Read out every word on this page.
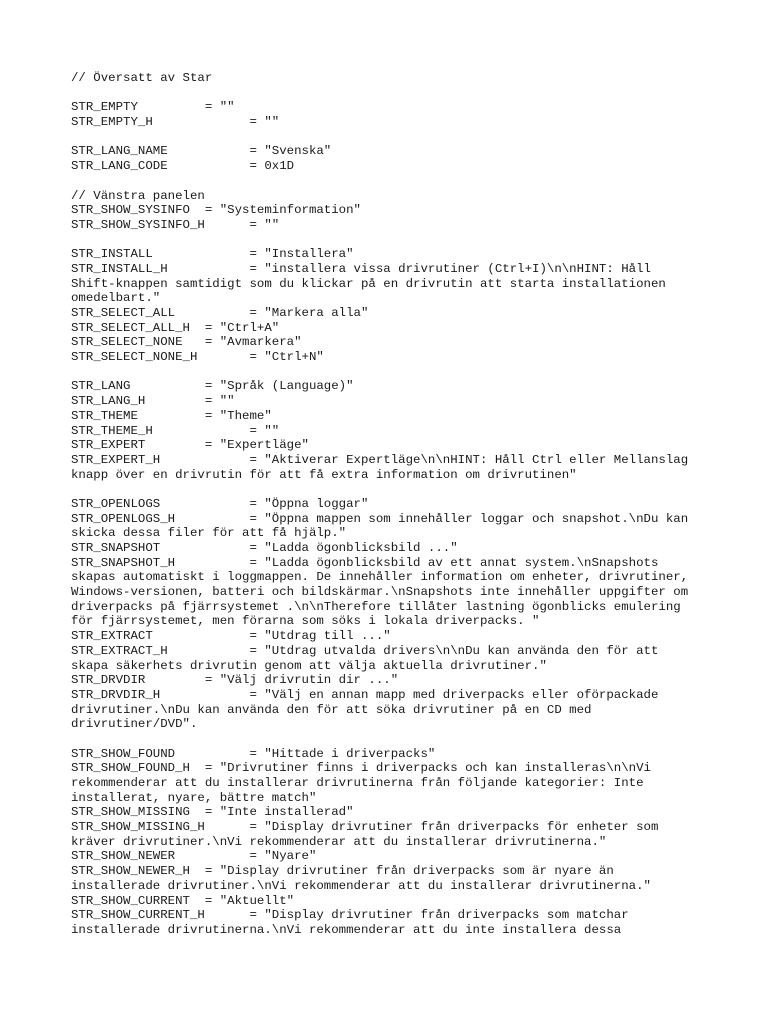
// Översatt av Star
STR_EMPTY         = ""
STR_EMPTY_H             = ""
STR_LANG_NAME           = "Svenska"
STR_LANG_CODE           = 0x1D
// Vänstra panelen
STR_SHOW_SYSINFO  = "Systeminformation"
STR_SHOW_SYSINFO_H      = ""
STR_INSTALL             = "Installera"
STR_INSTALL_H           = "installera vissa drivrutiner (Ctrl+I)\n\nHINT: Håll
Shift-knappen samtidigt som du klickar på en drivrutin att starta installationen
omedelbart."
STR_SELECT_ALL          = "Markera alla"
STR_SELECT_ALL_H  = "Ctrl+A"
STR_SELECT_NONE   = "Avmarkera"
STR_SELECT_NONE_H       = "Ctrl+N"
STR_LANG          = "Språk (Language)"
STR_LANG_H        = ""
STR_THEME         = "Theme"
STR_THEME_H             = ""
STR_EXPERT        = "Expertläge"
STR_EXPERT_H            = "Aktiverar Expertläge\n\nHINT: Håll Ctrl eller Mellanslag
knapp över en drivrutin för att få extra information om drivrutinen"
STR_OPENLOGS            = "Öppna loggar"
STR_OPENLOGS_H          = "Öppna mappen som innehåller loggar och snapshot.\nDu kan
skicka dessa filer för att få hjälp."
STR_SNAPSHOT            = "Ladda ögonblicksbild ..."
STR_SNAPSHOT_H          = "Ladda ögonblicksbild av ett annat system.\nSnapshots
skapas automatiskt i loggmappen. De innehåller information om enheter, drivrutiner,
Windows-versionen, batteri och bildskärmar.\nSnapshots inte innehåller uppgifter om
driverpacks på fjärrsystemet .\n\nTherefore tillåter lastning ögonblicks emulering
för fjärrsystemet, men förarna som söks i lokala driverpacks. "
STR_EXTRACT             = "Utdrag till ..."
STR_EXTRACT_H           = "Utdrag utvalda drivers\n\nDu kan använda den för att
skapa säkerhets drivrutin genom att välja aktuella drivrutiner."
STR_DRVDIR        = "Välj drivrutin dir ..."
STR_DRVDIR_H            = "Välj en annan mapp med driverpacks eller oförpackade
drivrutiner.\nDu kan använda den för att söka drivrutiner på en CD med
drivrutiner/DVD".
STR_SHOW_FOUND          = "Hittade i driverpacks"
STR_SHOW_FOUND_H  = "Drivrutiner finns i driverpacks och kan installeras\n\nVi
rekommenderar att du installerar drivrutinerna från följande kategorier: Inte
installerat, nyare, bättre match"
STR_SHOW_MISSING  = "Inte installerad"
STR_SHOW_MISSING_H      = "Display drivrutiner från driverpacks för enheter som
kräver drivrutiner.\nVi rekommenderar att du installerar drivrutinerna."
STR_SHOW_NEWER          = "Nyare"
STR_SHOW_NEWER_H  = "Display drivrutiner från driverpacks som är nyare än
installerade drivrutiner.\nVi rekommenderar att du installerar drivrutinerna."
STR_SHOW_CURRENT  = "Aktuellt"
STR_SHOW_CURRENT_H      = "Display drivrutiner från driverpacks som matchar
installerade drivrutinerna.\nVi rekommenderar att du inte installera dessa
